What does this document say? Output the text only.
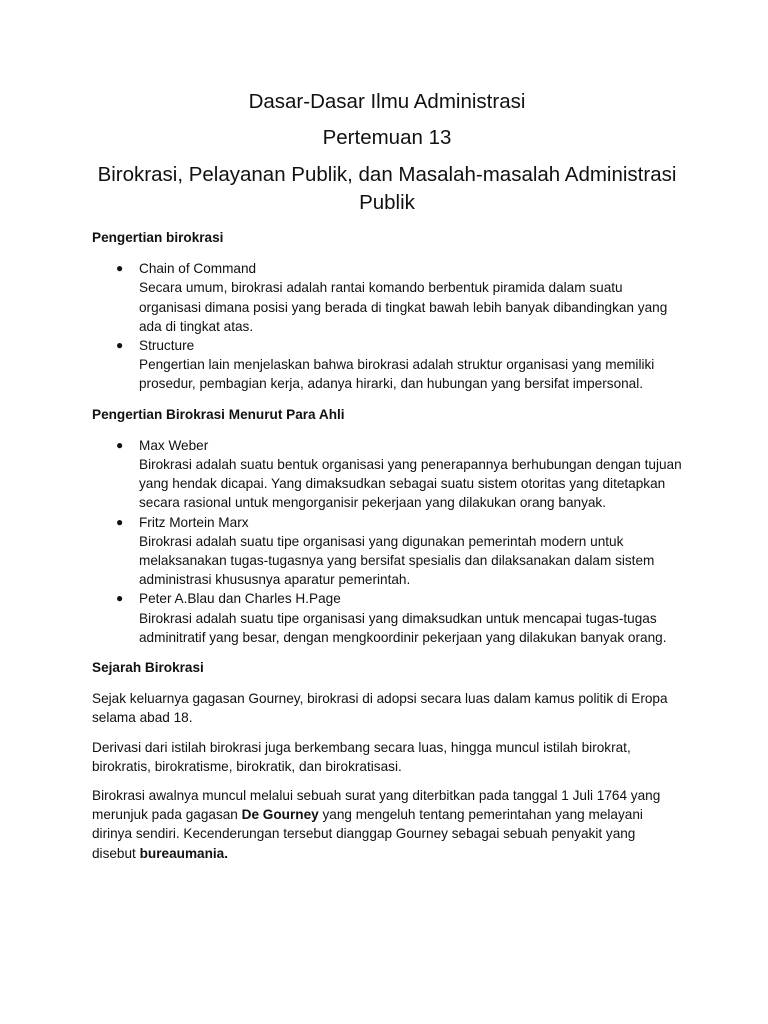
Dasar-Dasar Ilmu Administrasi
Pertemuan 13
Birokrasi, Pelayanan Publik, dan Masalah-masalah Administrasi Publik
Pengertian birokrasi
● Chain of Command
Secara umum, birokrasi adalah rantai komando berbentuk piramida dalam suatu organisasi dimana posisi yang berada di tingkat bawah lebih banyak dibandingkan yang ada di tingkat atas.
● Structure
Pengertian lain menjelaskan bahwa birokrasi adalah struktur organisasi yang memiliki prosedur, pembagian kerja, adanya hirarki, dan hubungan yang bersifat impersonal.
Pengertian Birokrasi Menurut Para Ahli
● Max Weber
Birokrasi adalah suatu bentuk organisasi yang penerapannya berhubungan dengan tujuan yang hendak dicapai. Yang dimaksudkan sebagai suatu sistem otoritas yang ditetapkan secara rasional untuk mengorganisir pekerjaan yang dilakukan orang banyak.
● Fritz Mortein Marx
Birokrasi adalah suatu tipe organisasi yang digunakan pemerintah modern untuk melaksanakan tugas-tugasnya yang bersifat spesialis dan dilaksanakan dalam sistem administrasi khususnya aparatur pemerintah.
● Peter A.Blau dan Charles H.Page
Birokrasi adalah suatu tipe organisasi yang dimaksudkan untuk mencapai tugas-tugas adminitratif yang besar, dengan mengkoordinir pekerjaan yang dilakukan banyak orang.
Sejarah Birokrasi

Sejak keluarnya gagasan Gourney, birokrasi di adopsi secara luas dalam kamus politik di Eropa selama abad 18.

Derivasi dari istilah birokrasi juga berkembang secara luas, hingga muncul istilah birokrat, birokratis, birokratisme, birokratik, dan birokratisasi.

Birokrasi awalnya muncul melalui sebuah surat yang diterbitkan pada tanggal 1 Juli 1764 yang merunjuk pada gagasan De Gourney yang mengeluh tentang pemerintahan yang melayani dirinya sendiri. Kecenderungan tersebut dianggap Gourney sebagai sebuah penyakit yang disebut bureaumania.
